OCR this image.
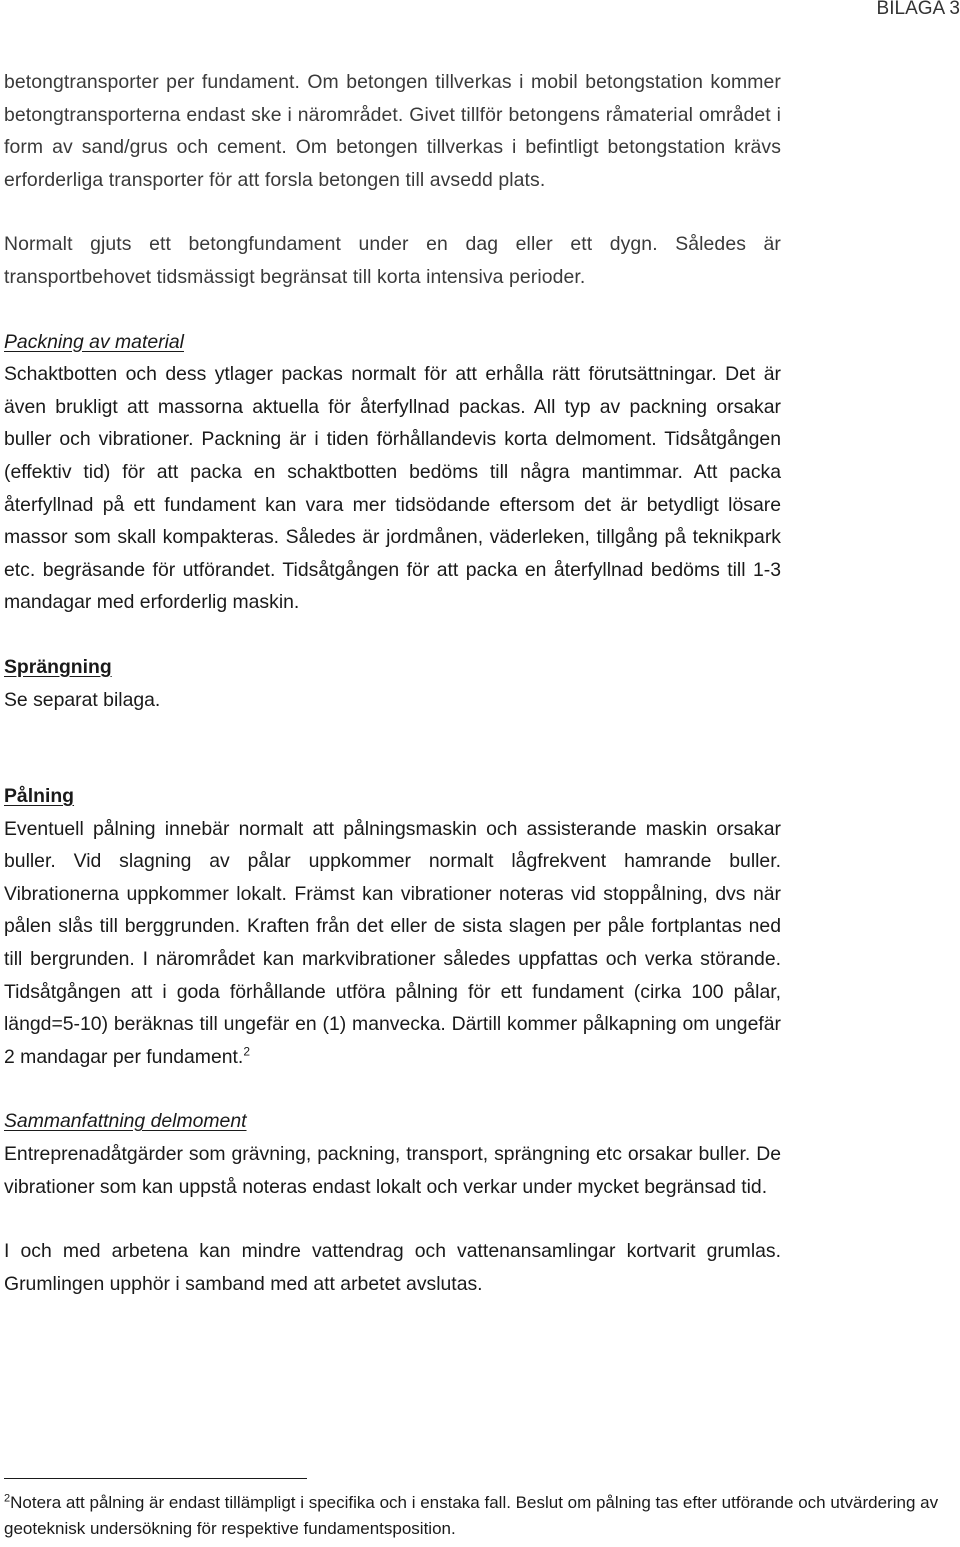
BILAGA 3

betongtransporter per fundament. Om betongen tillverkas i mobil betongstation kommer betongtransporterna endast ske i närområdet. Givet tillför betongens råmaterial området i form av sand/grus och cement. Om betongen tillverkas i befintligt betongstation krävs erforderliga transporter för att forsla betongen till avsedd plats.

Normalt gjuts ett betongfundament under en dag eller ett dygn. Således är transportbehovet tidsmässigt begränsat till korta intensiva perioder.

Packning av material

Schaktbotten och dess ytlager packas normalt för att erhålla rätt förutsättningar. Det är även brukligt att massorna aktuella för återfyllnad packas. All typ av packning orsakar buller och vibrationer. Packning är i tiden förhållandevis korta delmoment. Tidsåtgången (effektiv tid) för att packa en schaktbotten bedöms till några mantimmar. Att packa återfyllnad på ett fundament kan vara mer tidsödande eftersom det är betydligt lösare massor som skall kompakteras. Således är jordmånen, väderleken, tillgång på teknikpark etc. begräsande för utförandet. Tidsåtgången för att packa en återfyllnad bedöms till 1-3 mandagar med erforderlig maskin.

Sprängning

Se separat bilaga.

Pålning

Eventuell pålning innebär normalt att pålningsmaskin och assisterande maskin orsakar buller. Vid slagning av pålar uppkommer normalt lågfrekvent hamrande buller. Vibrationerna uppkommer lokalt. Främst kan vibrationer noteras vid stoppålning, dvs när pålen slås till berggrunden. Kraften från det eller de sista slagen per påle fortplantas ned till bergrunden. I närområdet kan markvibrationer således uppfattas och verka störande. Tidsåtgången att i goda förhållande utföra pålning för ett fundament (cirka 100 pålar, längd=5-10) beräknas till ungefär en (1) manvecka. Därtill kommer pålkapning om ungefär 2 mandagar per fundament.$^2$

Sammanfattning delmoment

Entreprenadåtgärder som grävning, packning, transport, sprängning etc orsakar buller. De vibrationer som kan uppstå noteras endast lokalt och verkar under mycket begränsad tid.

I och med arbetena kan mindre vattendrag och vattenansamlingar kortvarit grumlas. Grumlingen upphör i samband med att arbetet avslutas.

$^2$Notera att pålning är endast tillämpligt i specifika och i enstaka fall. Beslut om pålning tas efter utförande och utvärdering av geoteknisk undersökning för respektive fundamentsposition.
